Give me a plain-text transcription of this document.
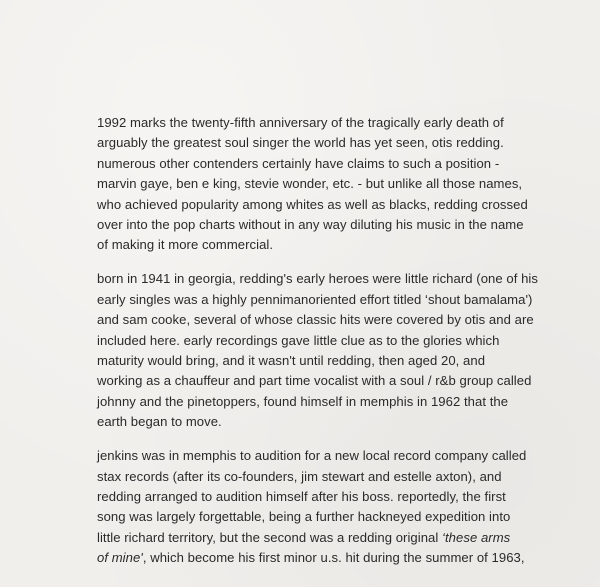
1992 marks the twenty-fifth anniversary of the tragically early death of
arguably the greatest soul singer the world has yet seen, otis redding.
numerous other contenders certainly have claims to such a position -
marvin gaye, ben e king, stevie wonder, etc. - but unlike all those names,
who achieved popularity among whites as well as blacks, redding crossed
over into the pop charts without in any way diluting his music in the name
of making it more commercial.

born in 1941 in georgia, redding's early heroes were little richard (one of his
early singles was a highly pennimanoriented effort titled ‘shout bamalama')
and sam cooke, several of whose classic hits were covered by otis and are
included here. early recordings gave little clue as to the glories which
maturity would bring, and it wasn't until redding, then aged 20, and
working as a chauffeur and part time vocalist with a soul / r&b group called
johnny and the pinetoppers, found himself in memphis in 1962 that the
earth began to move.

jenkins was in memphis to audition for a new local record company called
stax records (after its co-founders, jim stewart and estelle axton), and
redding arranged to audition himself after his boss. reportedly, the first
song was largely forgettable, being a further hackneyed expedition into
little richard territory, but the second was a redding original ‘these arms
of mine', which become his first minor u.s. hit during the summer of 1963,
